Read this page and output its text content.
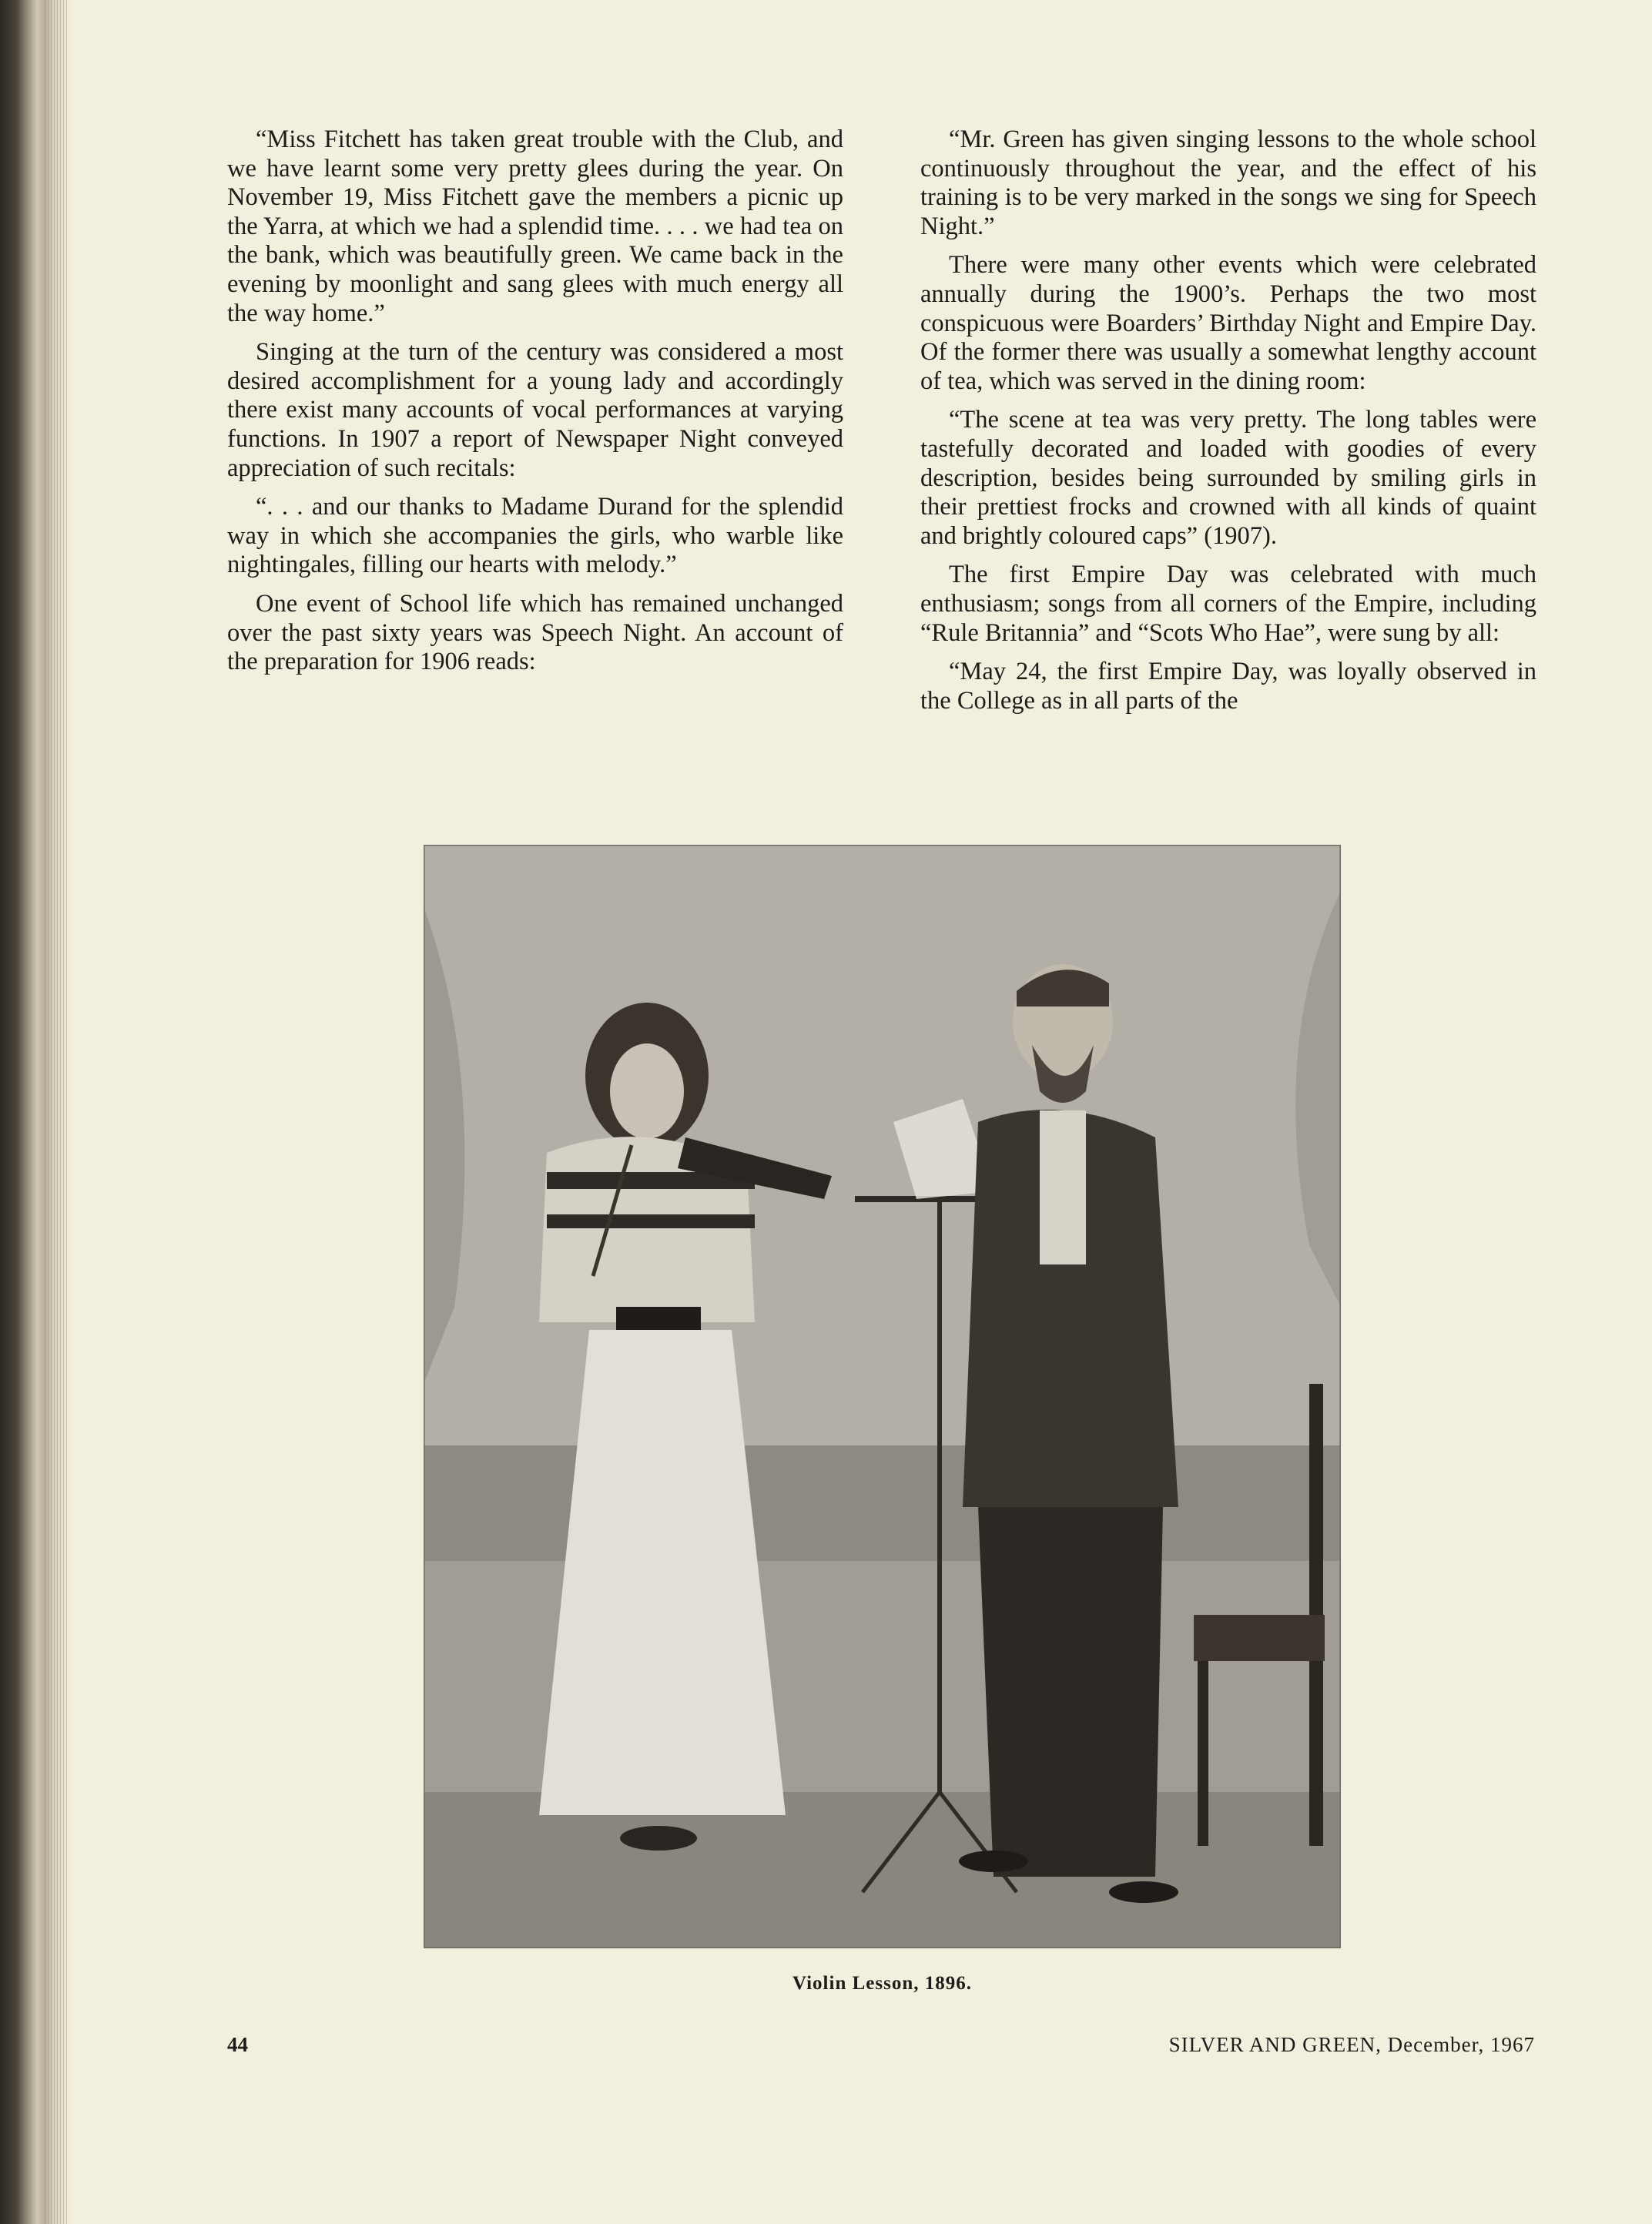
“Miss Fitchett has taken great trouble with the Club, and we have learnt some very pretty glees during the year. On November 19, Miss Fitchett gave the members a picnic up the Yarra, at which we had a splendid time. . . . we had tea on the bank, which was beautifully green. We came back in the evening by moonlight and sang glees with much energy all the way home.”

Singing at the turn of the century was considered a most desired accomplishment for a young lady and accordingly there exist many accounts of vocal performances at varying functions. In 1907 a report of Newspaper Night conveyed appreciation of such recitals:

“. . . and our thanks to Madame Durand for the splendid way in which she accompanies the girls, who warble like nightingales, filling our hearts with melody.”

One event of School life which has remained unchanged over the past sixty years was Speech Night. An account of the preparation for 1906 reads:

“Mr. Green has given singing lessons to the whole school continuously throughout the year, and the effect of his training is to be very marked in the songs we sing for Speech Night.”

There were many other events which were celebrated annually during the 1900’s. Perhaps the two most conspicuous were Boarders’ Birthday Night and Empire Day. Of the former there was usually a somewhat lengthy account of tea, which was served in the dining room:

“The scene at tea was very pretty. The long tables were tastefully decorated and loaded with goodies of every description, besides being surrounded by smiling girls in their prettiest frocks and crowned with all kinds of quaint and brightly coloured caps” (1907).

The first Empire Day was celebrated with much enthusiasm; songs from all corners of the Empire, including “Rule Britannia” and “Scots Who Hae”, were sung by all:

“May 24, the first Empire Day, was loyally observed in the College as in all parts of the

Violin Lesson, 1896.
44	SILVER AND GREEN, December, 1967
